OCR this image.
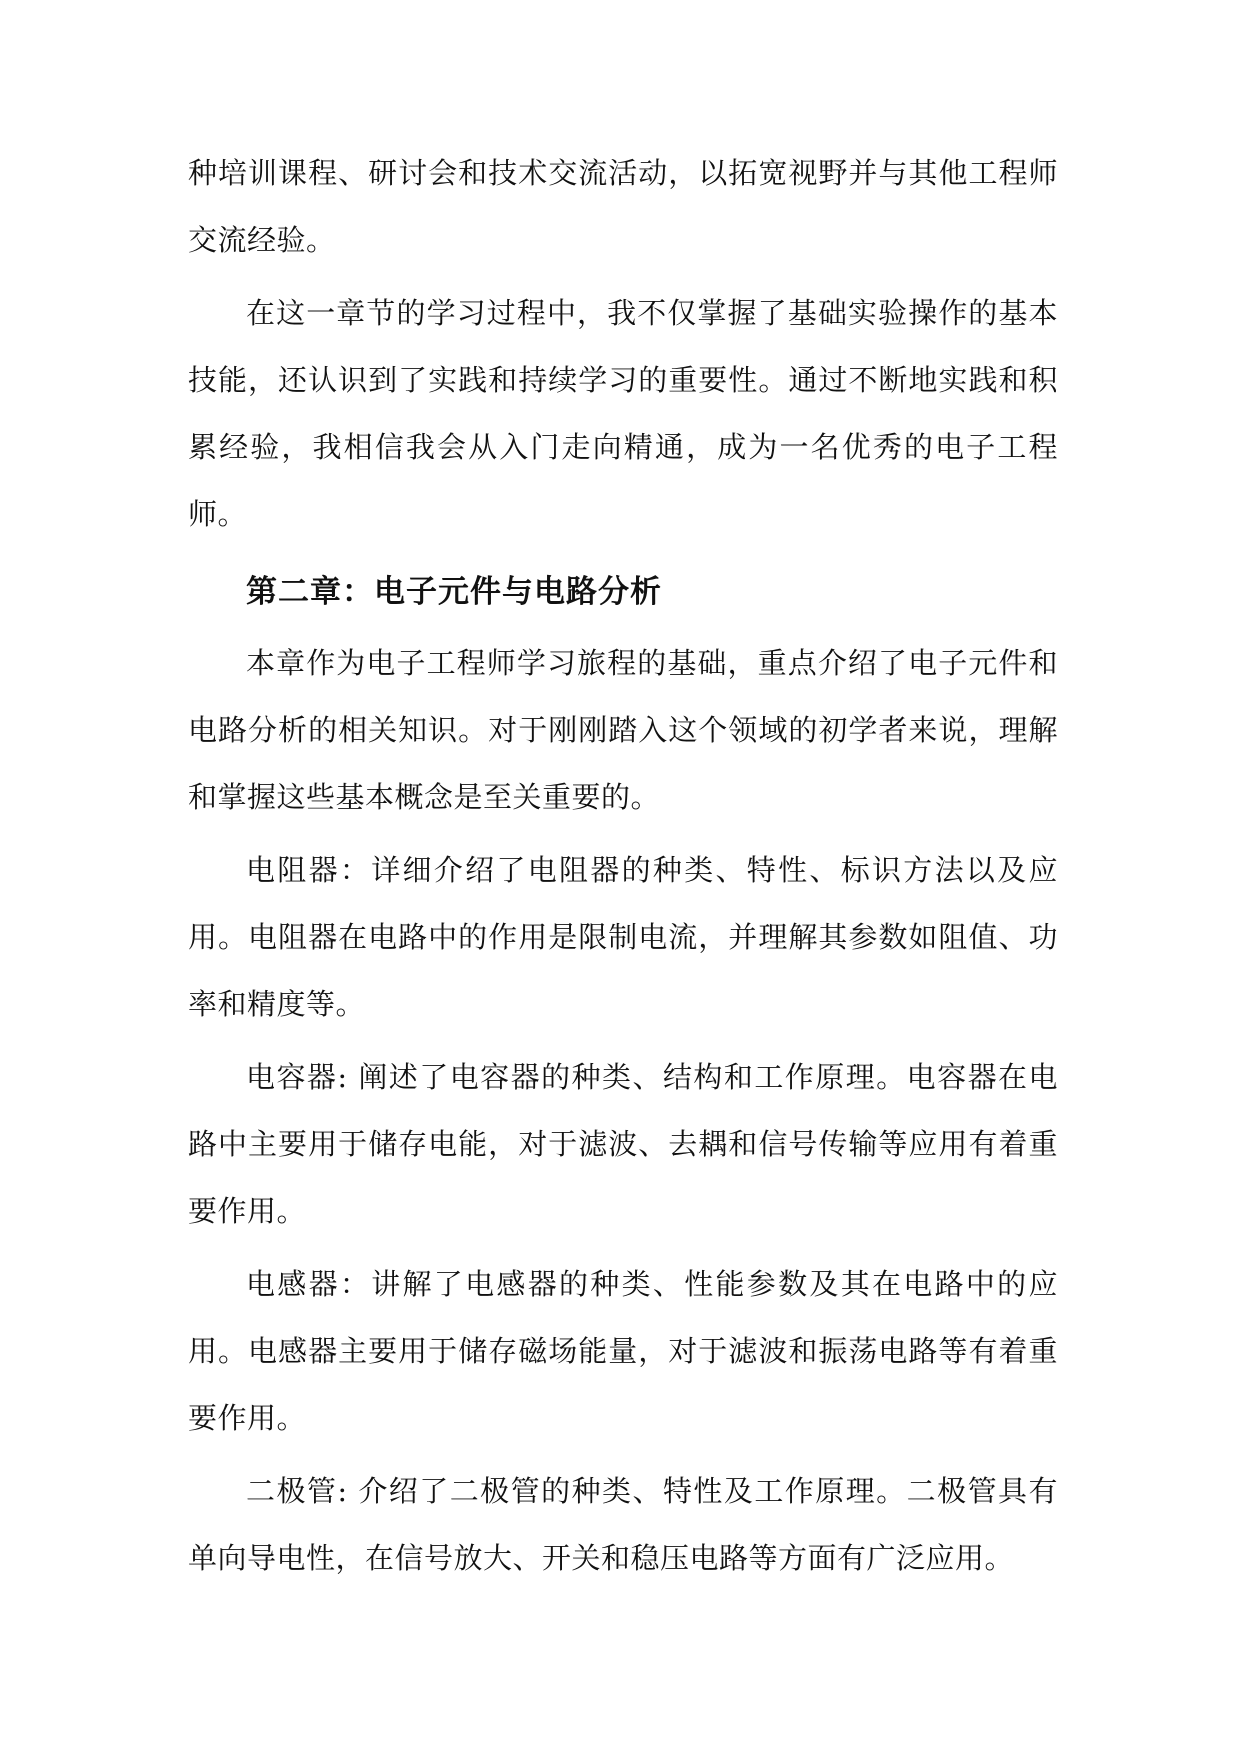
种培训课程、研讨会和技术交流活动，以拓宽视野并与其他工程师交流经验。

在这一章节的学习过程中，我不仅掌握了基础实验操作的基本技能，还认识到了实践和持续学习的重要性。通过不断地实践和积累经验，我相信我会从入门走向精通，成为一名优秀的电子工程师。

第二章：电子元件与电路分析

本章作为电子工程师学习旅程的基础，重点介绍了电子元件和电路分析的相关知识。对于刚刚踏入这个领域的初学者来说，理解和掌握这些基本概念是至关重要的。

电阻器：详细介绍了电阻器的种类、特性、标识方法以及应用。电阻器在电路中的作用是限制电流，并理解其参数如阻值、功率和精度等。

电容器: 阐述了电容器的种类、结构和工作原理。电容器在电路中主要用于储存电能，对于滤波、去耦和信号传输等应用有着重要作用。

电感器：讲解了电感器的种类、性能参数及其在电路中的应用。电感器主要用于储存磁场能量，对于滤波和振荡电路等有着重要作用。

二极管: 介绍了二极管的种类、特性及工作原理。二极管具有单向导电性，在信号放大、开关和稳压电路等方面有广泛应用。
